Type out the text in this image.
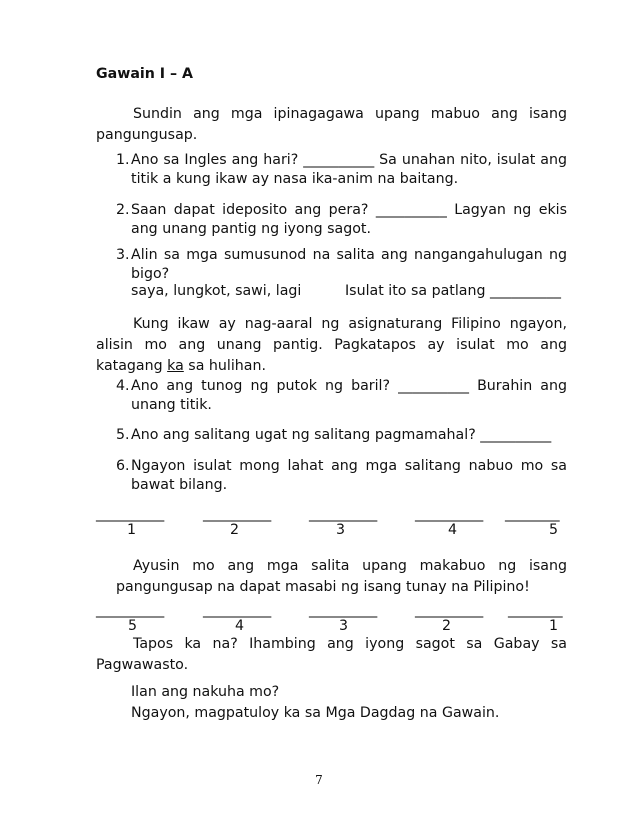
Gawain I – A
Sundin ang mga ipinagagawa upang mabuo ang isang pangungusap.
1. Ano sa Ingles ang hari? __________ Sa unahan nito, isulat ang titik a kung ikaw ay nasa ika-anim na baitang.
2. Saan dapat ideposito ang pera? __________ Lagyan ng ekis ang unang pantig ng iyong sagot.
3. Alin sa mga sumusunod na salita ang nangangahulugan ng bigo?
saya, lungkot, sawi, lagi	Isulat ito sa patlang __________
Kung ikaw ay nag-aaral ng asignaturang Filipino ngayon, alisin mo ang unang pantig. Pagkatapos ay isulat mo ang katagang ka sa hulihan.
4. Ano ang tunog ng putok ng baril? __________ Burahin ang unang titik.
5. Ano ang salitang ugat ng salitang pagmamahal? __________
6. Ngayon isulat mong lahat ang mga salitang nabuo mo sa bawat bilang.
__________	__________	__________	__________ ________
1	2	3	4	5
Ayusin mo ang mga salita upang makabuo ng isang pangungusap na dapat masabi ng isang tunay na Pilipino!
__________	__________	__________	__________ ________
5	4	3	2	1
Tapos ka na? Ihambing ang iyong sagot sa Gabay sa Pagwawasto.
Ilan ang nakuha mo?
Ngayon, magpatuloy ka sa Mga Dagdag na Gawain.
7
